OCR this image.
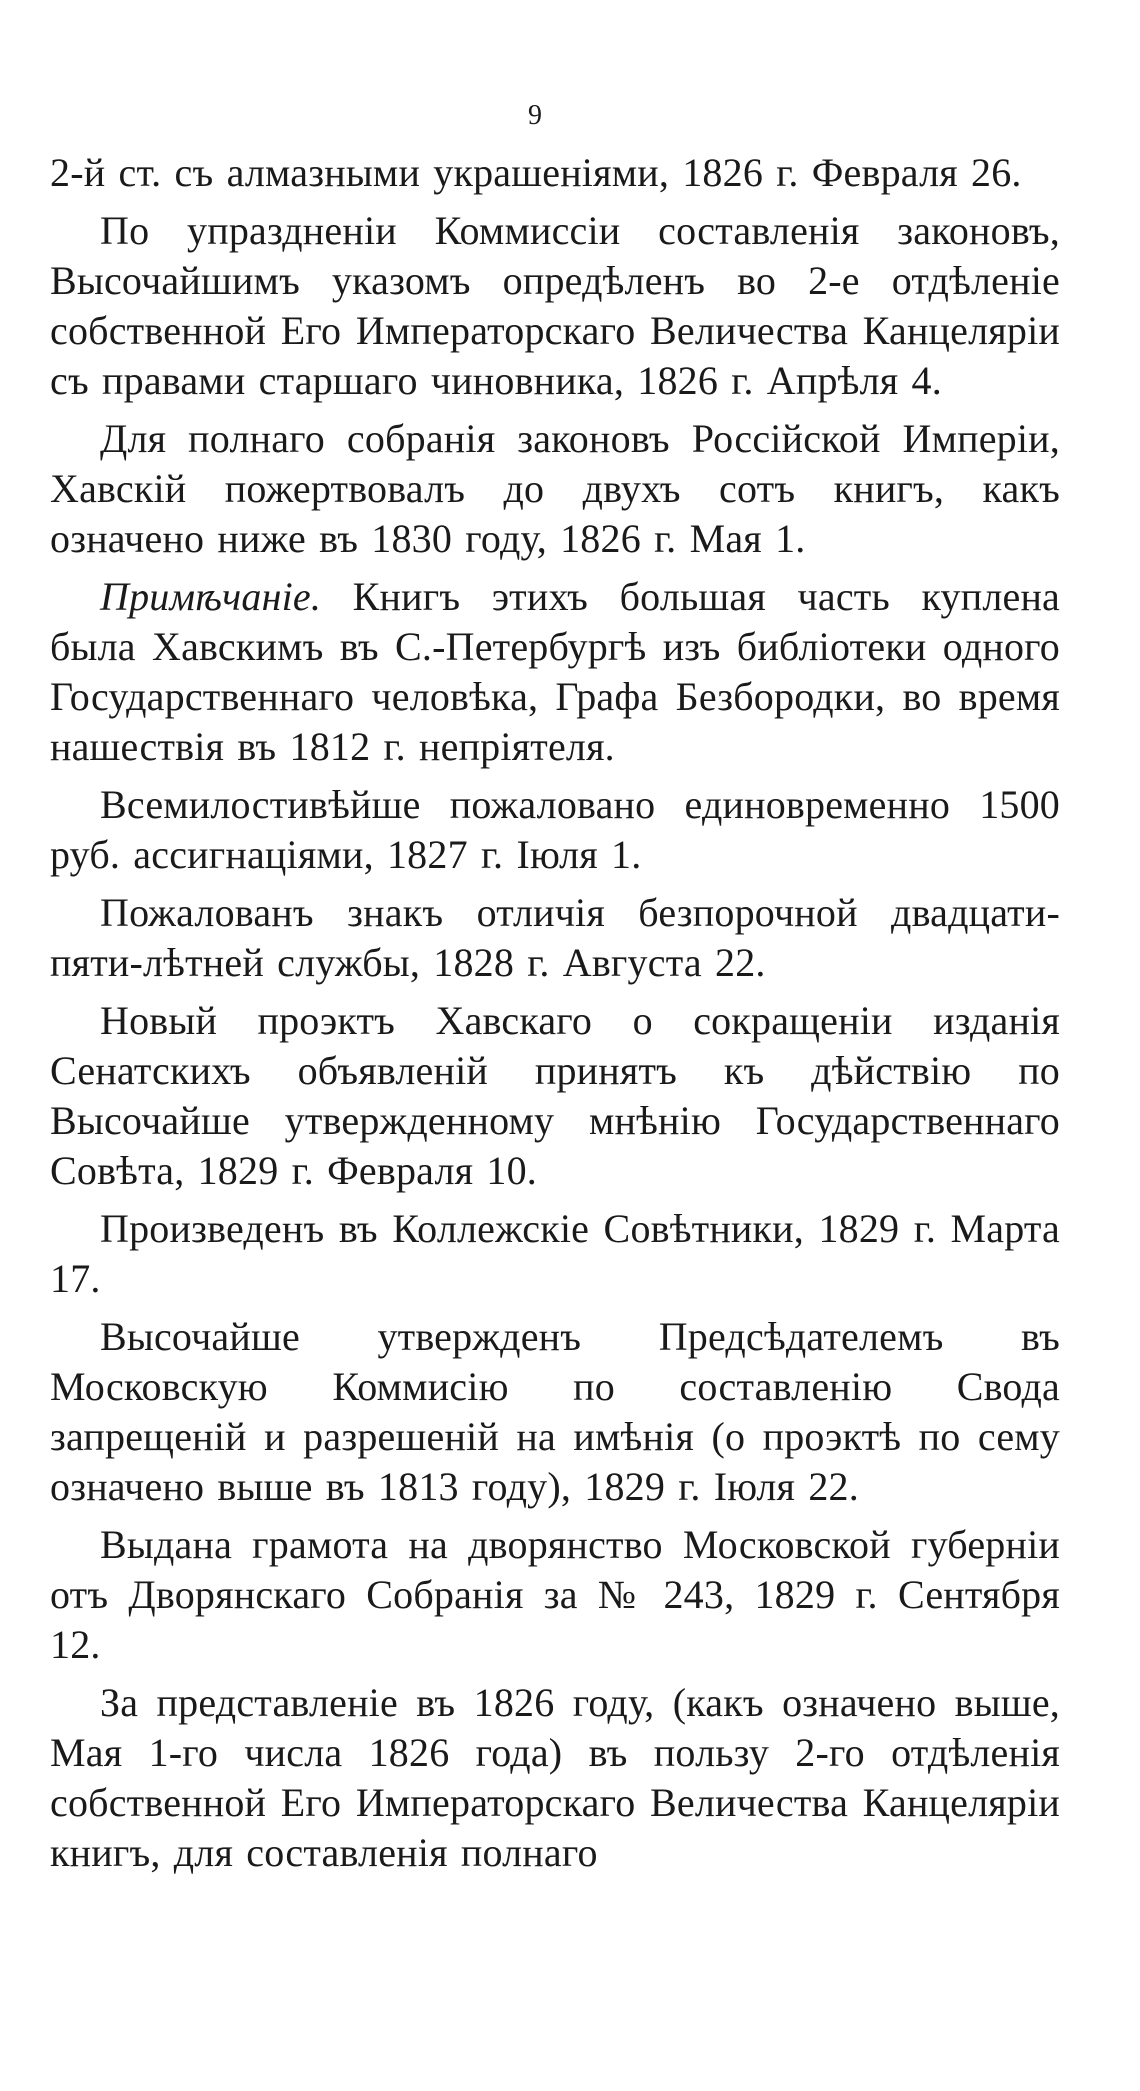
9

2-й ст. съ алмазными украшеніями, 1826 г. Февраля 26.

По упраздненіи Коммиссіи составленія законовъ, Высочайшимъ указомъ опредѣленъ во 2-е отдѣленіе собственной Его Императорскаго Величества Канцеляріи съ правами старшаго чиновника, 1826 г. Апрѣля 4.

Для полнаго собранія законовъ Россійской Имперіи, Хавскій пожертвовалъ до двухъ сотъ книгъ, какъ означено ниже въ 1830 году, 1826 г. Мая 1.

Примѣчаніе. Книгъ этихъ большая часть куплена была Хавскимъ въ С.-Петербургѣ изъ библіотеки одного Государственнаго человѣка, Графа Безбородки, во время нашествія въ 1812 г. непріятеля.

Всемилостивѣйше пожаловано единовременно 1500 руб. ассигнаціями, 1827 г. Іюля 1.

Пожалованъ знакъ отличія безпорочной двадцати-пяти-лѣтней службы, 1828 г. Августа 22.

Новый проэктъ Хавскаго о сокращеніи изданія Сенатскихъ объявленій принятъ къ дѣйствію по Высочайше утвержденному мнѣнію Государственнаго Совѣта, 1829 г. Февраля 10.

Произведенъ въ Коллежскіе Совѣтники, 1829 г. Марта 17.

Высочайше утвержденъ Предсѣдателемъ въ Московскую Коммисію по составленію Свода запрещеній и разрешеній на имѣнія (о проэктѣ по сему означено выше въ 1813 году), 1829 г. Іюля 22.

Выдана грамота на дворянство Московской губерніи отъ Дворянскаго Собранія за № 243, 1829 г. Сентября 12.

За представленіе въ 1826 году, (какъ означено выше, Мая 1-го числа 1826 года) въ пользу 2-го отдѣленія собственной Его Императорскаго Величества Канцеляріи книгъ, для составленія полнаго
